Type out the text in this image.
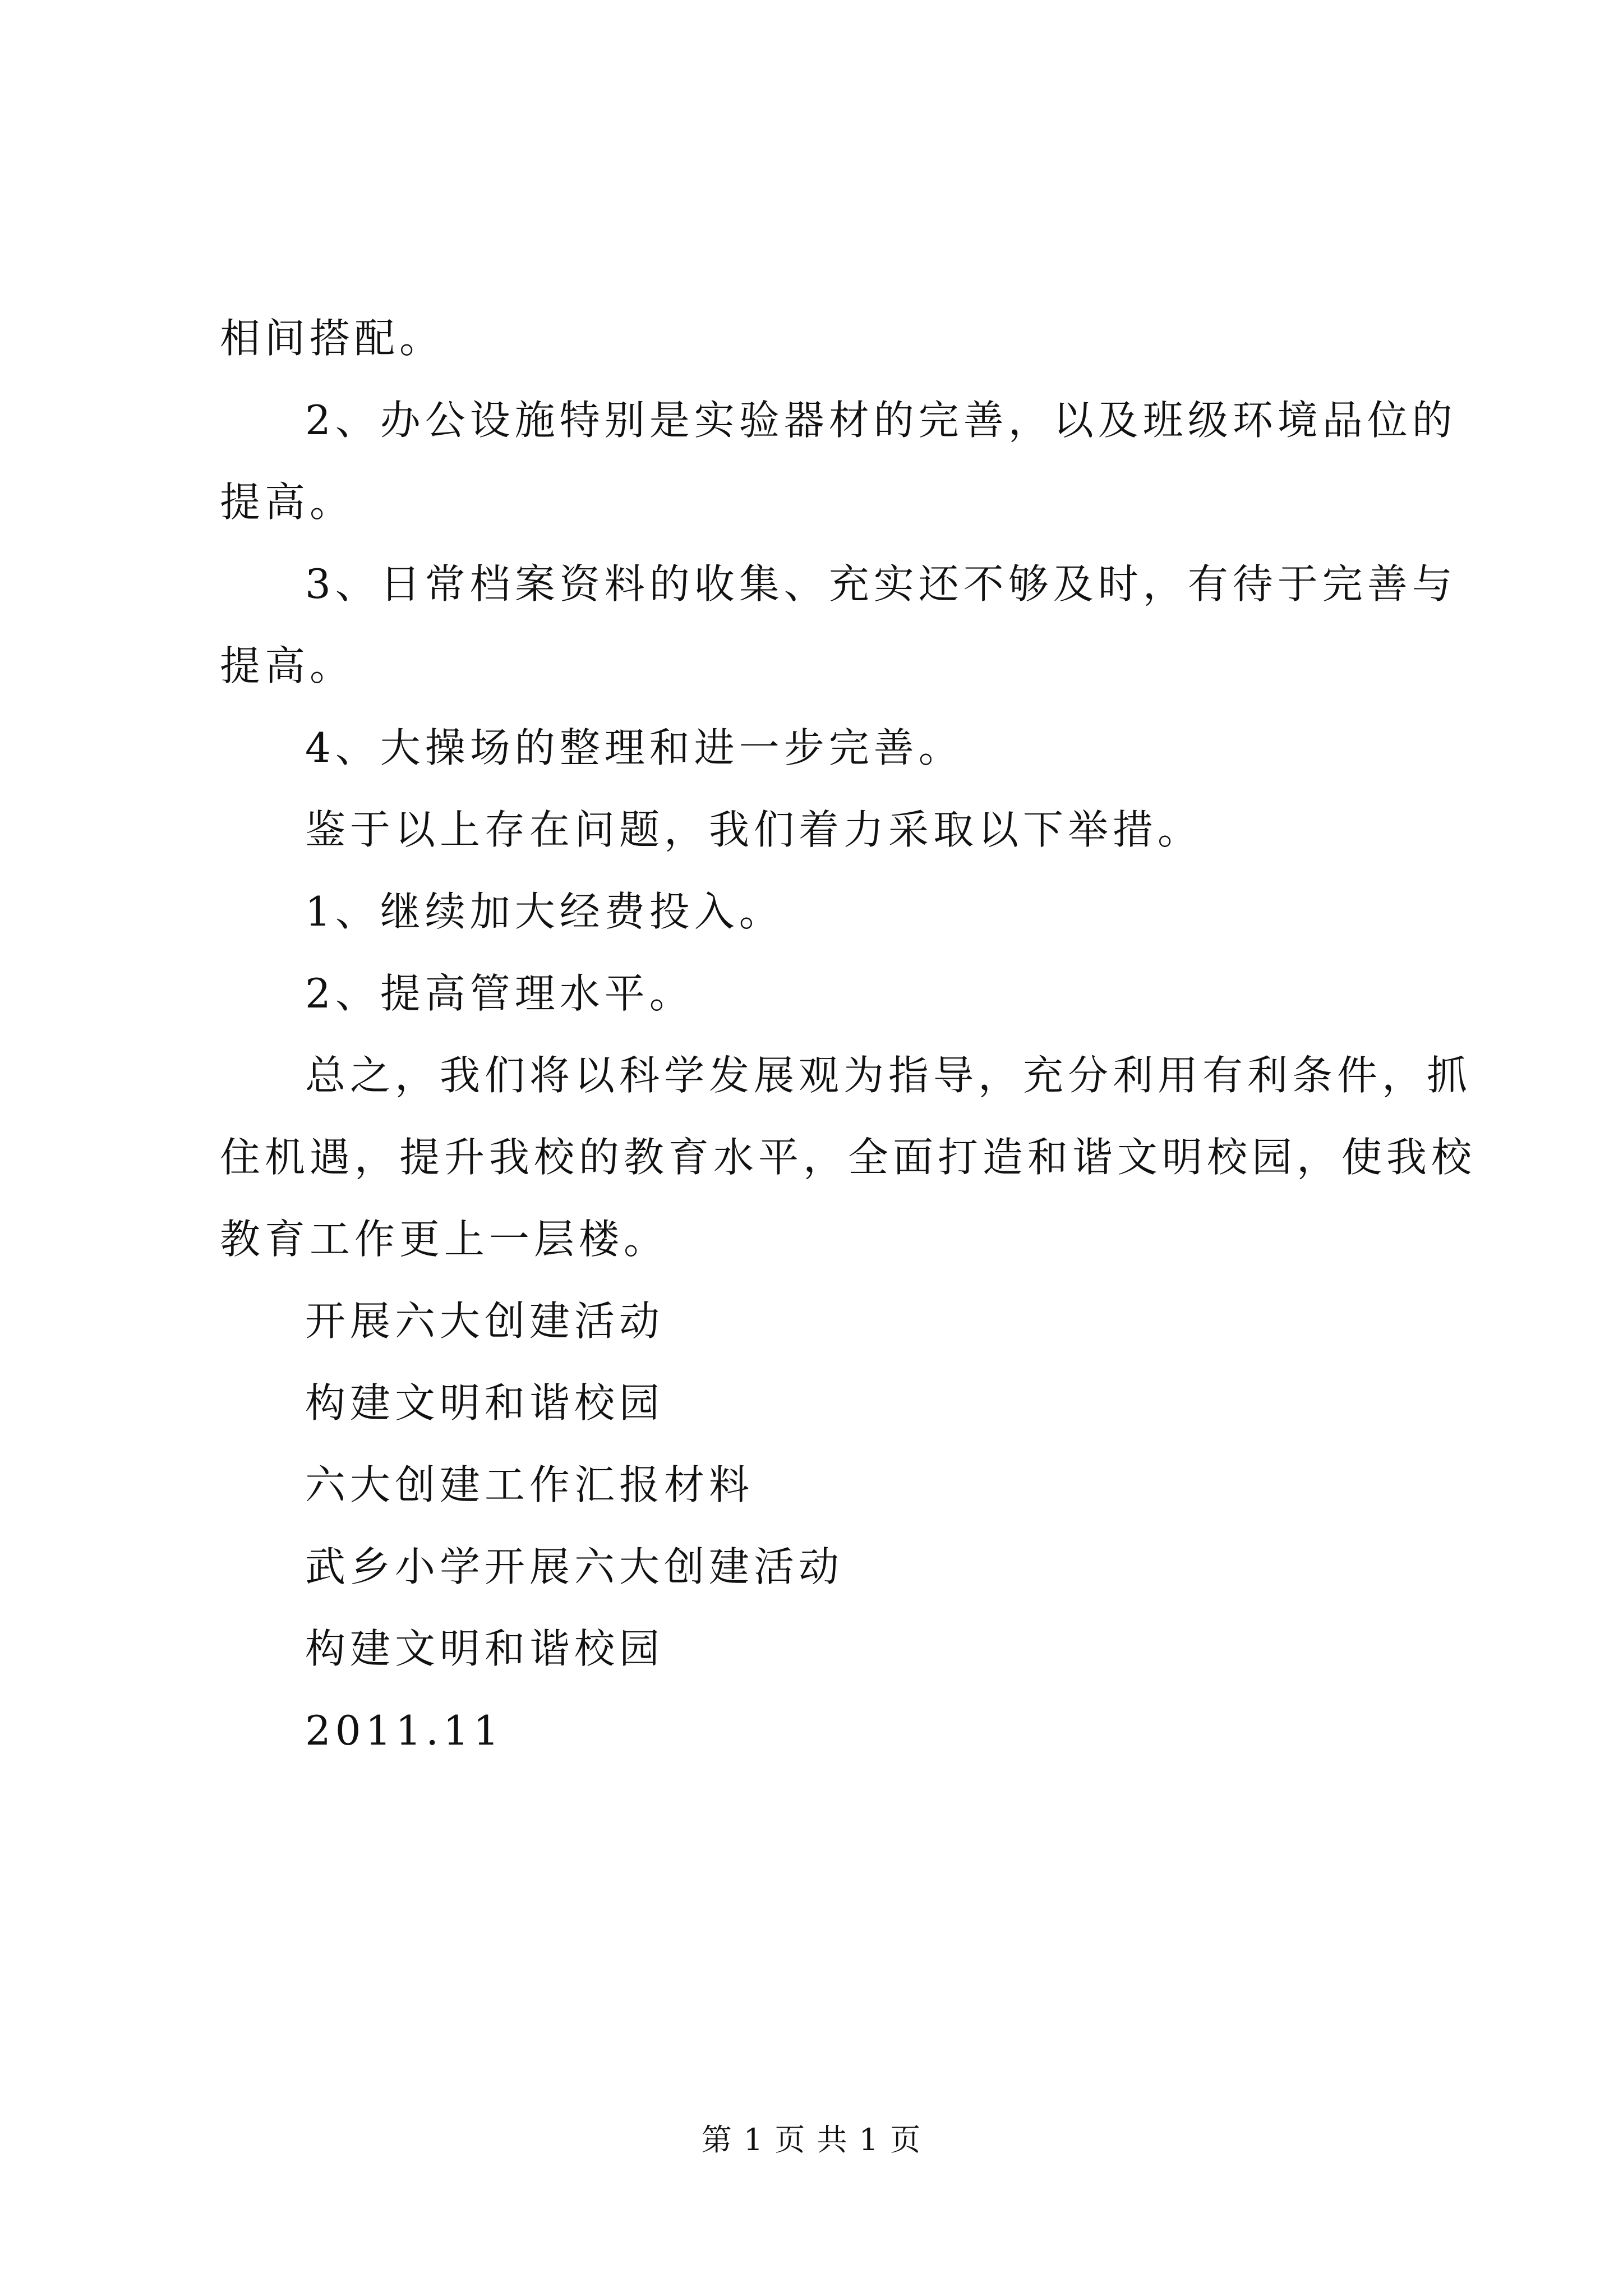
相间搭配。

2、办公设施特别是实验器材的完善，以及班级环境品位的

提高。

3、日常档案资料的收集、充实还不够及时，有待于完善与

提高。

4、大操场的整理和进一步完善。

鉴于以上存在问题，我们着力采取以下举措。

1、继续加大经费投入。

2、提高管理水平。

总之，我们将以科学发展观为指导，充分利用有利条件，抓

住机遇，提升我校的教育水平，全面打造和谐文明校园，使我校

教育工作更上一层楼。

开展六大创建活动

构建文明和谐校园

六大创建工作汇报材料

武乡小学开展六大创建活动

构建文明和谐校园

2011.11

第 1 页 共 1 页
